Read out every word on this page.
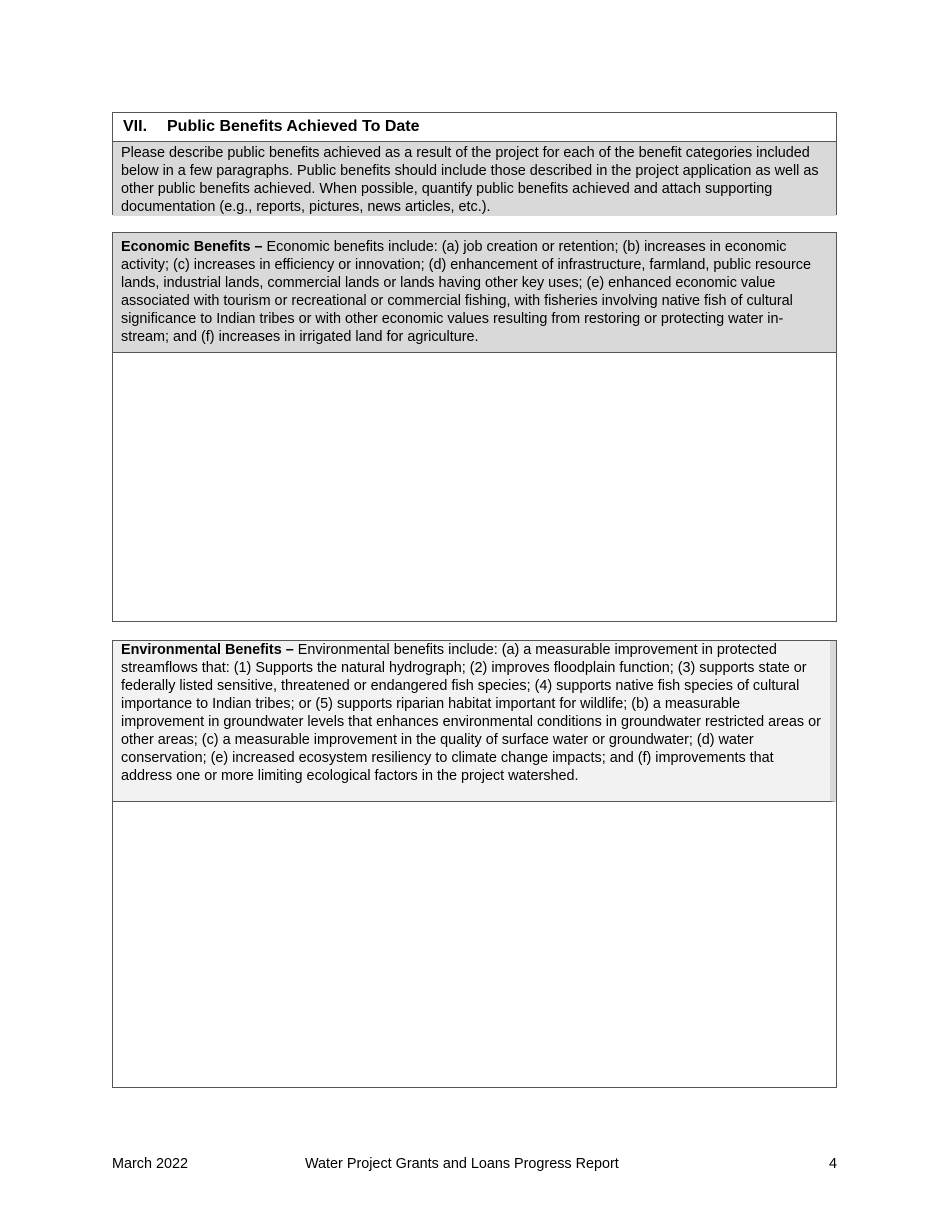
VII.	Public Benefits Achieved To Date
Please describe public benefits achieved as a result of the project for each of the benefit categories included below in a few paragraphs. Public benefits should include those described in the project application as well as other public benefits achieved. When possible, quantify public benefits achieved and attach supporting documentation (e.g., reports, pictures, news articles, etc.).
Economic Benefits – Economic benefits include: (a) job creation or retention; (b) increases in economic activity; (c) increases in efficiency or innovation; (d) enhancement of infrastructure, farmland, public resource lands, industrial lands, commercial lands or lands having other key uses; (e) enhanced economic value associated with tourism or recreational or commercial fishing, with fisheries involving native fish of cultural significance to Indian tribes or with other economic values resulting from restoring or protecting water in-stream; and (f) increases in irrigated land for agriculture.
Environmental Benefits – Environmental benefits include: (a) a measurable improvement in protected streamflows that: (1) Supports the natural hydrograph; (2) improves floodplain function; (3) supports state or federally listed sensitive, threatened or endangered fish species; (4) supports native fish species of cultural importance to Indian tribes; or (5) supports riparian habitat important for wildlife; (b) a measurable improvement in groundwater levels that enhances environmental conditions in groundwater restricted areas or other areas; (c) a measurable improvement in the quality of surface water or groundwater; (d) water conservation; (e) increased ecosystem resiliency to climate change impacts; and (f) improvements that address one or more limiting ecological factors in the project watershed.
March 2022	Water Project Grants and Loans Progress Report	4
